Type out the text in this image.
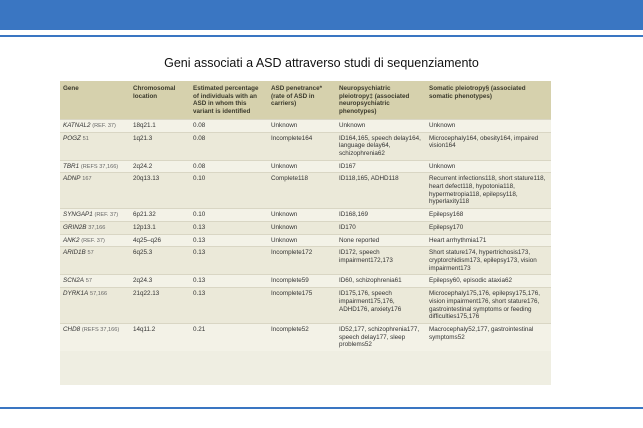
Geni associati a ASD attraverso studi di sequenziamento
Gene	Chromosomal location	Estimated percentage of individuals with an ASD in whom this variant is identified	ASD penetrance* (rate of ASD in carriers)	Neuropsychiatric pleiotropy‡ (associated neuropsychiatric phenotypes)	Somatic pleiotropy§ (associated somatic phenotypes)
KATNAL2 (REF. 37)	18q21.1	0.08	Unknown	Unknown	Unknown
POGZ 51	1q21.3	0.08	Incomplete164	ID164,165, speech delay164, language delay64, schizophrenia62	Microcephaly164, obesity164, impaired vision164
TBR1 (REFS 37,166)	2q24.2	0.08	Unknown	ID167	Unknown
ADNP 167	20q13.13	0.10	Complete118	ID118,165, ADHD118	Recurrent infections118, short stature118, heart defect118, hypotonia118, hypermetropia118, epilepsy118, hyperlaxity118
SYNGAP1 (REF. 37)	6p21.32	0.10	Unknown	ID168,169	Epilepsy168
GRIN2B 37,166	12p13.1	0.13	Unknown	ID170	Epilepsy170
ANK2 (REF. 37)	4q25–q26	0.13	Unknown	None reported	Heart arrhythmia171
ARID1B 57	6q25.3	0.13	Incomplete172	ID172, speech impairment172,173	Short stature174, hypertrichosis173, cryptorchidism173, epilepsy173, vision impairment173
SCN2A 57	2q24.3	0.13	Incomplete59	ID60, schizophrenia61	Epilepsy60, episodic ataxia62
DYRK1A 57,166	21q22.13	0.13	Incomplete175	ID175,176, speech impairment175,176, ADHD176, anxiety176	Microcephaly175,176, epilepsy175,176, vision impairment176, short stature176, gastrointestinal symptoms or feeding difficulties175,176
CHD8 (REFS 37,166)	14q11.2	0.21	Incomplete52	ID52,177, schizophrenia177, speech delay177, sleep problems52	Macrocephaly52,177, gastrointestinal symptoms52
